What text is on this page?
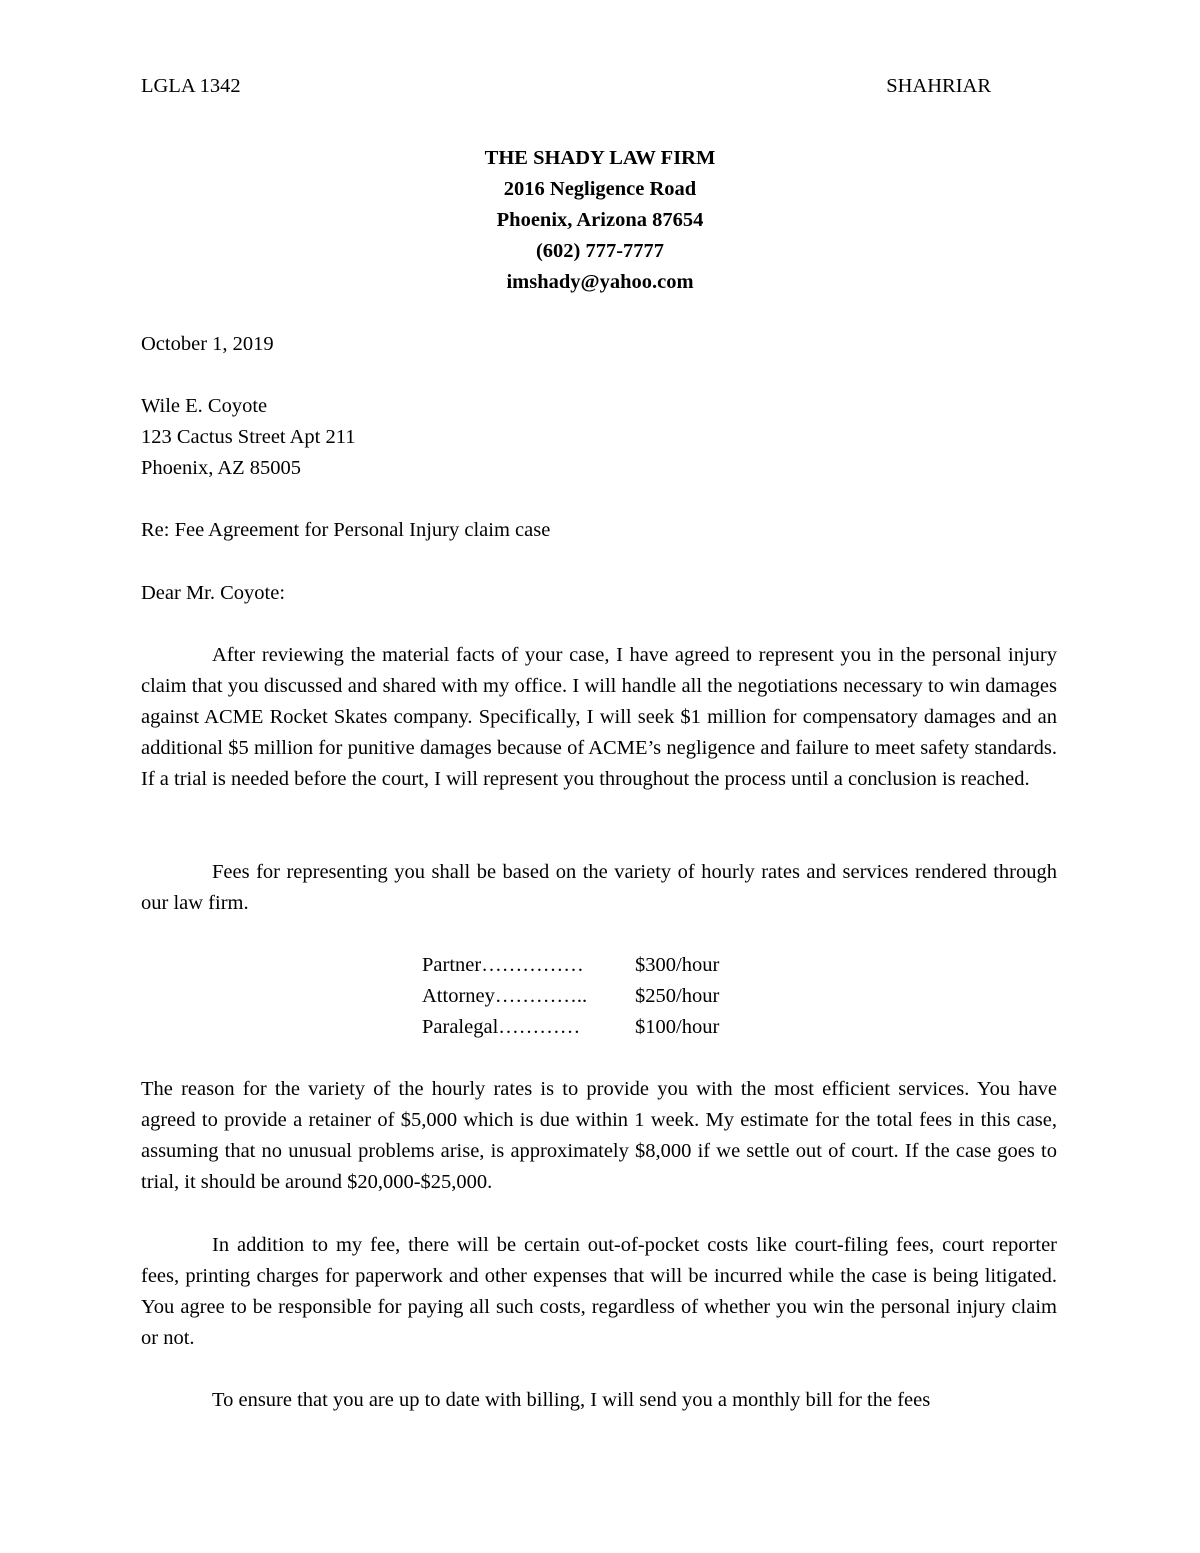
LGLA 1342	SHAHRIAR
THE SHADY LAW FIRM
2016 Negligence Road
Phoenix, Arizona 87654
(602) 777-7777
imshady@yahoo.com
October 1, 2019
Wile E. Coyote
123 Cactus Street Apt 211
Phoenix, AZ 85005
Re: Fee Agreement for Personal Injury claim case
Dear Mr. Coyote:

After reviewing the material facts of your case, I have agreed to represent you in the personal injury claim that you discussed and shared with my office. I will handle all the negotiations necessary to win damages against ACME Rocket Skates company. Specifically, I will seek $1 million for compensatory damages and an additional $5 million for punitive damages because of ACME’s negligence and failure to meet safety standards. If a trial is needed before the court, I will represent you throughout the process until a conclusion is reached.

Fees for representing you shall be based on the variety of hourly rates and services rendered through our law firm.

Partner……………	$300/hour
Attorney…………..	$250/hour
Paralegal…………	$100/hour

The reason for the variety of the hourly rates is to provide you with the most efficient services. You have agreed to provide a retainer of $5,000 which is due within 1 week. My estimate for the total fees in this case, assuming that no unusual problems arise, is approximately $8,000 if we settle out of court. If the case goes to trial, it should be around $20,000-$25,000.

In addition to my fee, there will be certain out-of-pocket costs like court-filing fees, court reporter fees, printing charges for paperwork and other expenses that will be incurred while the case is being litigated. You agree to be responsible for paying all such costs, regardless of whether you win the personal injury claim or not.

To ensure that you are up to date with billing, I will send you a monthly bill for the fees
